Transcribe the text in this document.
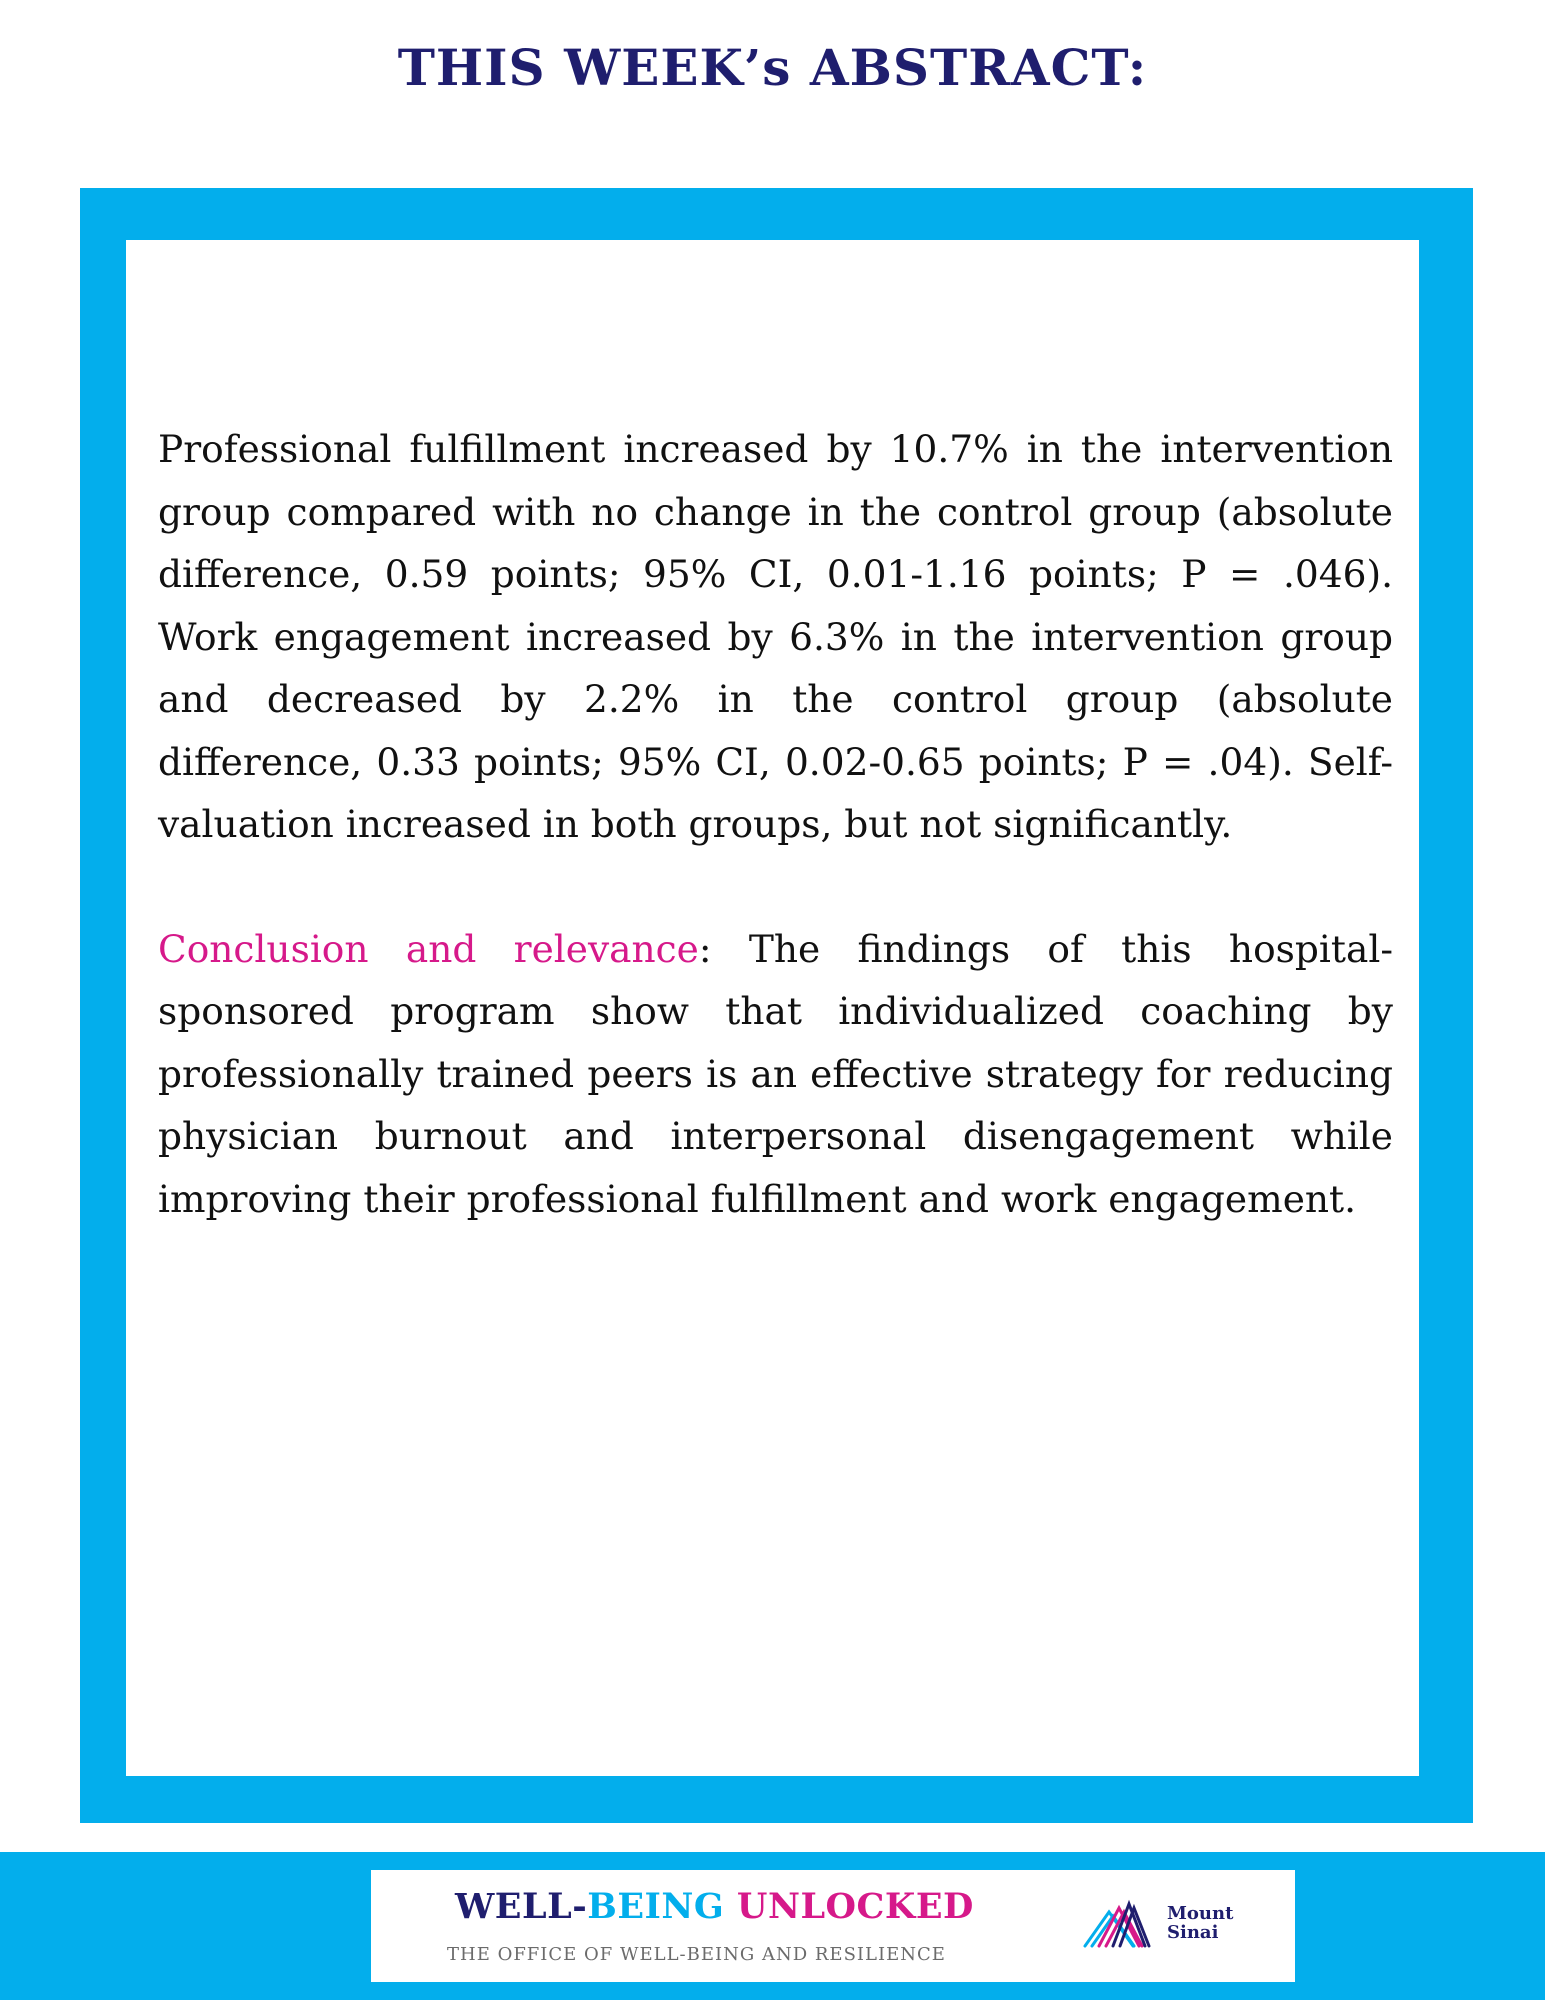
THIS WEEK’s ABSTRACT:

Professional fulfillment increased by 10.7% in the intervention group compared with no change in the control group (absolute difference, 0.59 points; 95% CI, 0.01-1.16 points; P = .046). Work engagement increased by 6.3% in the intervention group and decreased by 2.2% in the control group (absolute difference, 0.33 points; 95% CI, 0.02-0.65 points; P = .04). Self-valuation increased in both groups, but not significantly.

Conclusion and relevance: The findings of this hospital-sponsored program show that individualized coaching by professionally trained peers is an effective strategy for reducing physician burnout and interpersonal disengagement while improving their professional fulfillment and work engagement.

WELL-BEING UNLOCKED

THE OFFICE OF WELL-BEING AND RESILIENCE
Mount
Sinai
